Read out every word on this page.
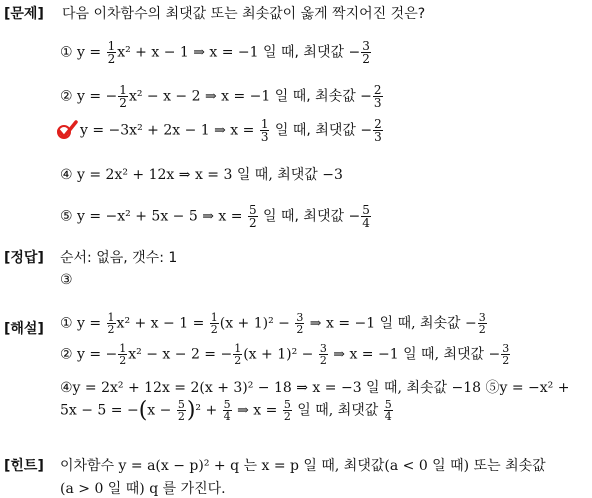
[문제] 다음 이차함수의 최댓값 또는 최솟값이 옳게 짝지어진 것은?
① $y = \frac{1}{2} x^2 + x - 1$ ⇒ x = −1 일 때, 최댓값 − $\frac{3}{2}$
② y = − $\frac{1}{2} x^2 - x - 2$ ⇒ x = −1 일 때, 최솟값 − $\frac{2}{3}$
y = −3x² + 2x − 1 ⇒ $x = \frac{1}{3}$ 일 때, 최댓값 − $\frac{2}{3}$
④ y = 2x² + 12x ⇒ x = 3 일 때, 최댓값 −3
⑤ y = −x² + 5x − 5 ⇒ $x = \frac{5}{2}$ 일 때, 최댓값 − $\frac{5}{4}$
[정답] 순서: 없음, 갯수: 1
③
[해설] ① $y = \frac{1}{2} x^2 + x - 1 = \frac{1}{2} (x + 1)^2 - \frac{3}{2}$ ⇒ x = −1 일 때, 최솟값 − $\frac{3}{2}$
② y = − $\frac{1}{2} x^2 - x - 2$ = − $\frac{1}{2} (x + 1)^2 - \frac{3}{2}$ ⇒ x = −1 일 때, 최댓값 − $\frac{3}{2}$
④y = 2x² + 12x = 2(x + 3)² − 18 ⇒ x = −3 일 때, 최솟값 −18 ⑤y = −x² +
$5x - 5 = -(x - \frac{5}{2} )^2 + \frac{5}{4}$ ⇒ $x = \frac{5}{2}$ 일 때, 최댓값 $\frac{5}{4}$
[힌트] 이차함수 y = a(x − p)² + q 는 x = p 일 때, 최댓값(a < 0 일 때) 또는 최솟값
(a > 0 일 때) q 를 가진다.
